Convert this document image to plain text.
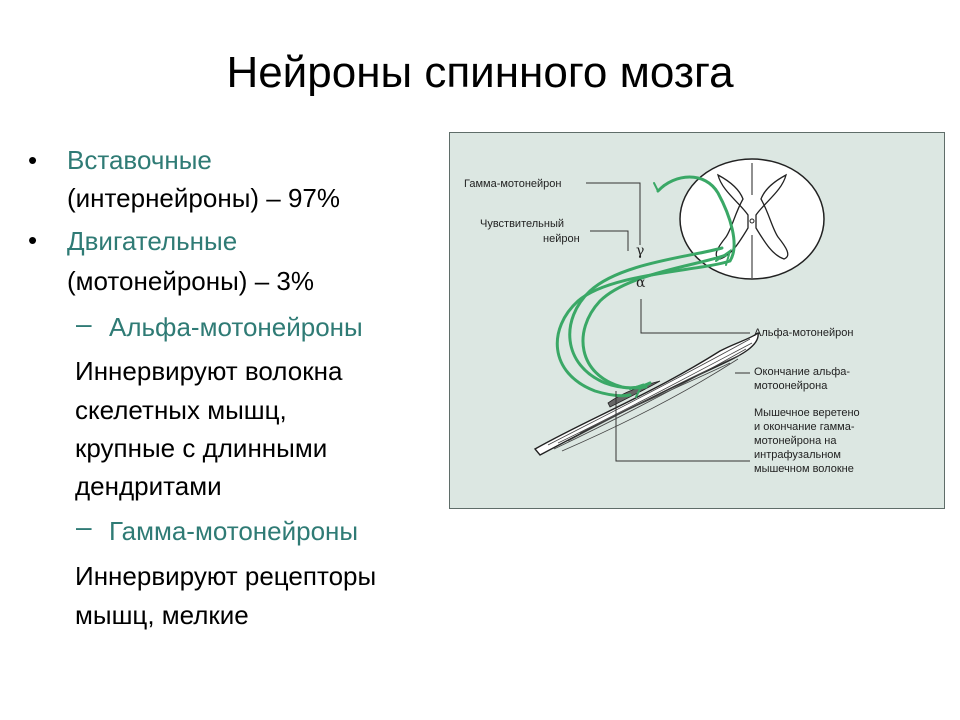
Нейроны спинного мозга
• Вставочные
(интернейроны) – 97%
• Двигательные
(мотонейроны) – 3%
– Альфа-мотонейроны
Иннервируют волокна
скелетных мышц,
крупные с длинными
дендритами
– Гамма-мотонейроны
Иннервируют рецепторы
мышц, мелкие
Гамма-мотонейрон
Чувствительный
нейрон
γ
α
Альфа-мотонейрон
Окончание альфа-
мотоонейрона
Мышечное веретено
и окончание гамма-
мотонейрона на
интрафузальном
мышечном волокне
